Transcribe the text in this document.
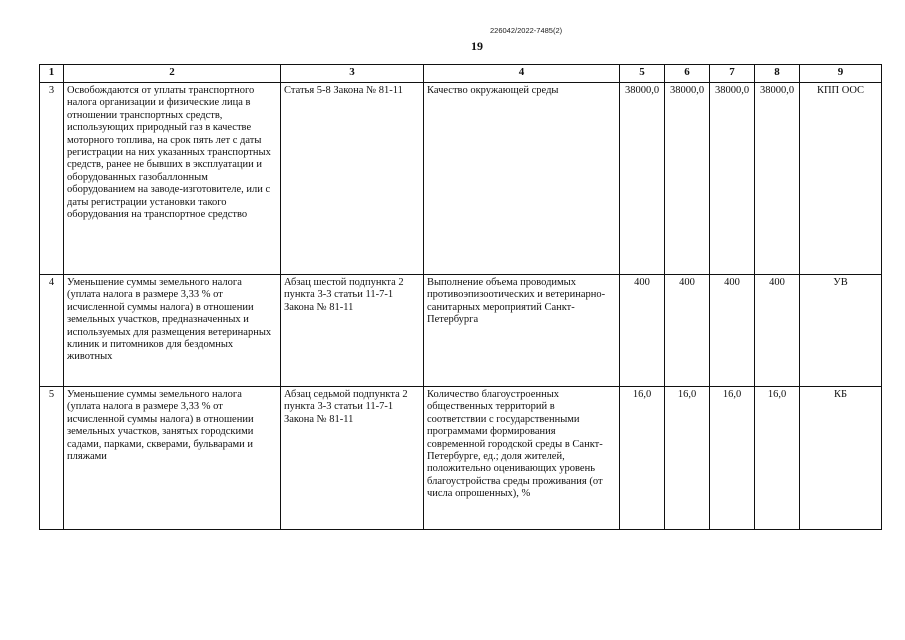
226042/2022-7485(2)
19
1	2	3	4	5	6	7	8	9
3	Освобождаются от уплаты транспортного налога организации и физические лица в отношении транспортных средств, использующих природный газ в качестве моторного топлива, на срок пять лет с даты регистрации на них указанных транспортных средств, ранее не бывших в эксплуатации и оборудованных газобаллонным оборудованием на заводе-изготовителе, или с даты регистрации установки такого оборудования на транспортное средство	Статья 5-8 Закона № 81-11	Качество окружающей среды	38000,0	38000,0	38000,0	38000,0	КПП ООС
4	Уменьшение суммы земельного налога (уплата налога в размере 3,33 % от исчисленной суммы налога) в отношении земельных участков, предназначенных и используемых для размещения ветеринарных клиник и питомников для бездомных животных	Абзац шестой подпункта 2 пункта 3-3 статьи 11-7-1 Закона № 81-11	Выполнение объема проводимых противоэпизоотических и ветеринарно-санитарных мероприятий Санкт-Петербурга	400	400	400	400	УВ
5	Уменьшение суммы земельного налога (уплата налога в размере 3,33 % от исчисленной суммы налога) в отношении земельных участков, занятых городскими садами, парками, скверами, бульварами и пляжами	Абзац седьмой подпункта 2 пункта 3-3 статьи 11-7-1 Закона № 81-11	Количество благоустроенных общественных территорий в соответствии с государственными программами формирования современной городской среды в Санкт-Петербурге, ед.; доля жителей, положительно оценивающих уровень благоустройства среды проживания (от числа опрошенных), %	16,0	16,0	16,0	16,0	КБ
